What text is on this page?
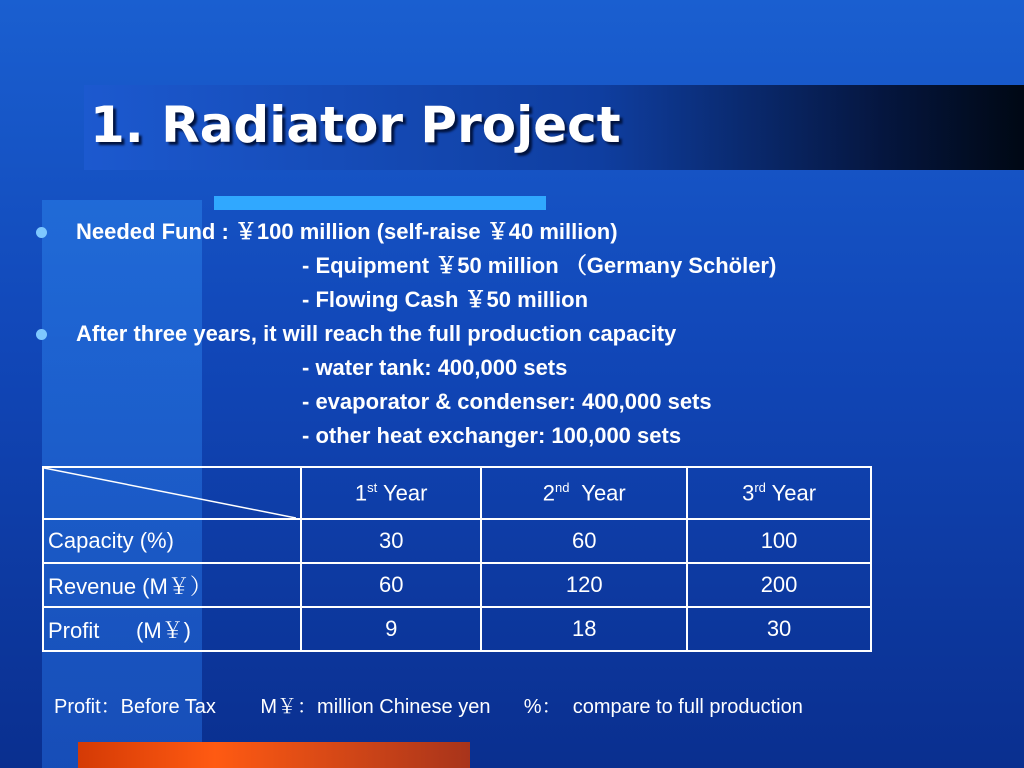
1. Radiator Project
Needed Fund : ￥100 million (self-raise ￥40 million)
- Equipment ￥50 million （Germany Schöler)
- Flowing Cash ￥50 million
After three years, it will reach the full production capacity
- water tank: 400,000 sets
- evaporator & condenser: 400,000 sets
- other heat exchanger: 100,000 sets
	1st Year	2nd  Year	3rd Year
Capacity (%)	30	60	100
Revenue (M￥）	60	120	200
Profit      (M￥)	9	18	30
Profit：Before Tax        M￥：million Chinese yen      %：  compare to full production
